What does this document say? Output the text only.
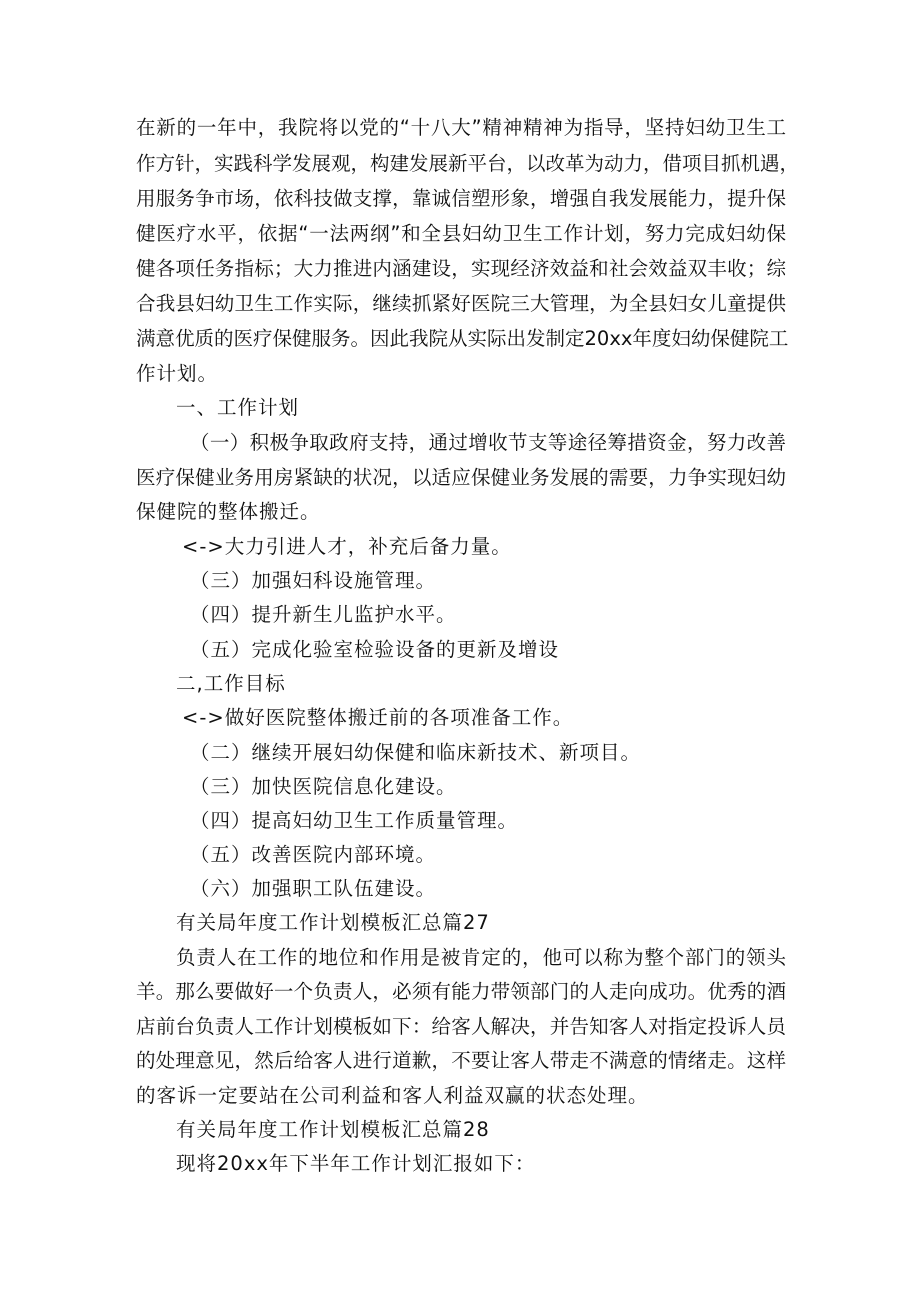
在新的一年中，我院将以党的“十八大”精神精神为指导，坚持妇幼卫生工
作方针，实践科学发展观，构建发展新平台，以改革为动力，借项目抓机遇，
用服务争市场，依科技做支撑，靠诚信塑形象，增强自我发展能力，提升保
健医疗水平，依据“一法两纲”和全县妇幼卫生工作计划，努力完成妇幼保
健各项任务指标；大力推进内涵建设，实现经济效益和社会效益双丰收；综
合我县妇幼卫生工作实际，继续抓紧好医院三大管理，为全县妇女儿童提供
满意优质的医疗保健服务。因此我院从实际出发制定20xx年度妇幼保健院工
作计划。
一、工作计划
（一）积极争取政府支持，通过增收节支等途径筹措资金，努力改善
医疗保健业务用房紧缺的状况，以适应保健业务发展的需要，力争实现妇幼
保健院的整体搬迁。
<->大力引进人才，补充后备力量。
（三）加强妇科设施管理。
（四）提升新生儿监护水平。
（五）完成化验室检验设备的更新及增设
二,工作目标
<->做好医院整体搬迁前的各项准备工作。
（二）继续开展妇幼保健和临床新技术、新项目。
（三）加快医院信息化建设。
（四）提高妇幼卫生工作质量管理。
（五）改善医院内部环境。
（六）加强职工队伍建设。
有关局年度工作计划模板汇总篇27
负责人在工作的地位和作用是被肯定的，他可以称为整个部门的领头
羊。那么要做好一个负责人，必须有能力带领部门的人走向成功。优秀的酒
店前台负责人工作计划模板如下：给客人解决，并告知客人对指定投诉人员
的处理意见，然后给客人进行道歉，不要让客人带走不满意的情绪走。这样
的客诉一定要站在公司利益和客人利益双赢的状态处理。
有关局年度工作计划模板汇总篇28
现将20xx年下半年工作计划汇报如下：
